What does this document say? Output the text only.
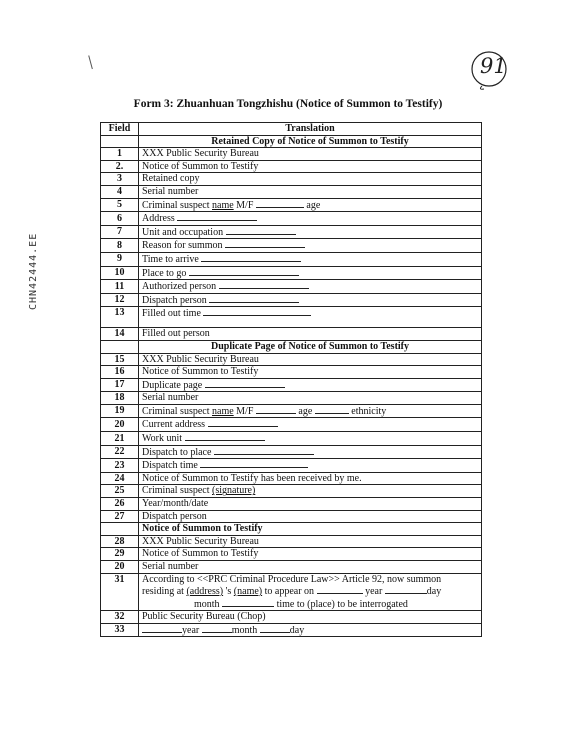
91
CHN42444.EE
Form 3: Zhuanhuan Tongzhishu (Notice of Summon to Testify)
Field	Translation
	Retained Copy of Notice of Summon to Testify
1	XXX Public Security Bureau
2.	Notice of Summon to Testify
3	Retained copy
4	Serial number
5	Criminal suspect name M/F age
6	Address
7	Unit and occupation
8	Reason for summon
9	Time to arrive
10	Place to go
11	Authorized person
12	Dispatch person
13	Filled out time
14	Filled out person
	Duplicate Page of Notice of Summon to Testify
15	XXX Public Security Bureau
16	Notice of Summon to Testify
17	Duplicate page
18	Serial number
19	Criminal suspect name M/F age ethnicity
20	Current address
21	Work unit
22	Dispatch to place
23	Dispatch time
24	Notice of Summon to Testify has been received by me.
25	Criminal suspect (signature)
26	Year/month/date
27	Dispatch person
	Notice of Summon to Testify
28	XXX Public Security Bureau
29	Notice of Summon to Testify
20	Serial number
31	According to <<PRC Criminal Procedure Law>> Article 92, now summon
residing at (address) 's (name) to appear on year day
month time to (place) to be interrogated

32	Public Security Bureau (Chop)
33	year month day
